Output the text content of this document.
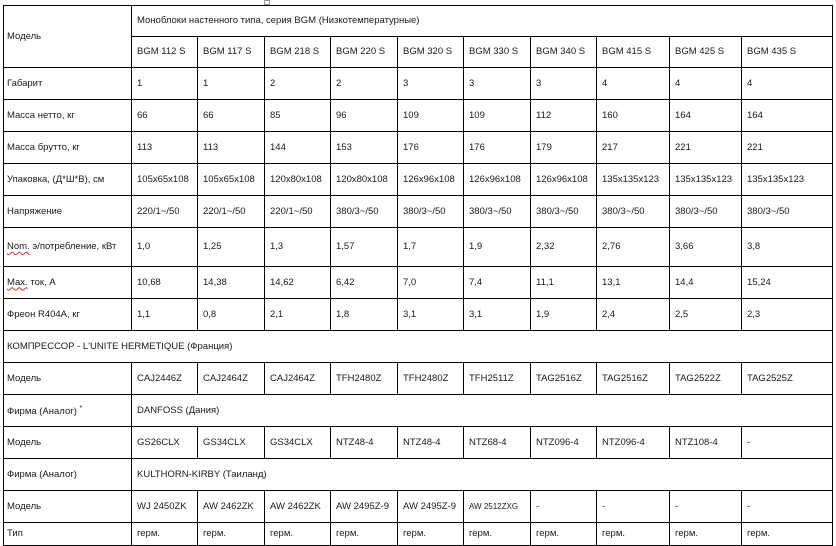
Модель	Моноблоки настенного типа, серия BGM (Низкотемпературные)									
	BGM 112 S	BGM 117 S	BGM 218 S	BGM 220 S	BGM 320 S	BGM 330 S	BGM 340 S	BGM 415 S	BGM 425 S	BGM 435 S
Габарит	1	1	2	2	3	3	3	4	4	4
Масса нетто, кг	66	66	85	96	109	109	112	160	164	164
Масса брутто, кг	113	113	144	153	176	176	179	217	221	221
Упаковка, (Д*Ш*В), см	105x65x108	105x65x108	120x80x108	120x80x108	126x96x108	126x96x108	126x96x108	135x135x123	135x135x123	135x135x123
Напряжение	220/1~/50	220/1~/50	220/1~/50	380/3~/50	380/3~/50	380/3~/50	380/3~/50	380/3~/50	380/3~/50	380/3~/50
Nom. э/потребление, кВт	1,0	1,25	1,3	1,57	1,7	1,9	2,32	2,76	3,66	3,8
Мах. ток, А	10,68	14,38	14,62	6,42	7,0	7,4	11,1	13,1	14,4	15,24
Фреон R404A, кг	1,1	0,8	2,1	1,8	3,1	3,1	1,9	2,4	2,5	2,3
КОМПРЕССОР - L'UNITE HERMETIQUE (Франция)										
Модель	CAJ2446Z	CAJ2464Z	CAJ2464Z	TFH2480Z	TFH2480Z	TFH2511Z	TAG2516Z	TAG2516Z	TAG2522Z	TAG2525Z
Фирма (Аналог) *	DANFOSS (Дания)									
Модель	GS26CLX	GS34CLX	GS34CLX	NTZ48-4	NTZ48-4	NTZ68-4	NTZ096-4	NTZ096-4	NTZ108-4	-
Фирма (Аналог)	KULTHORN-KIRBY (Таиланд)									
Модель	WJ 2450ZK	AW 2462ZK	AW 2462ZK	AW 2495Z-9	AW 2495Z-9	AW 2512ZXG	-	-	-	-
Тип	герм.	герм.	герм.	герм.	герм.	герм.	герм.	герм.	герм.	герм.
